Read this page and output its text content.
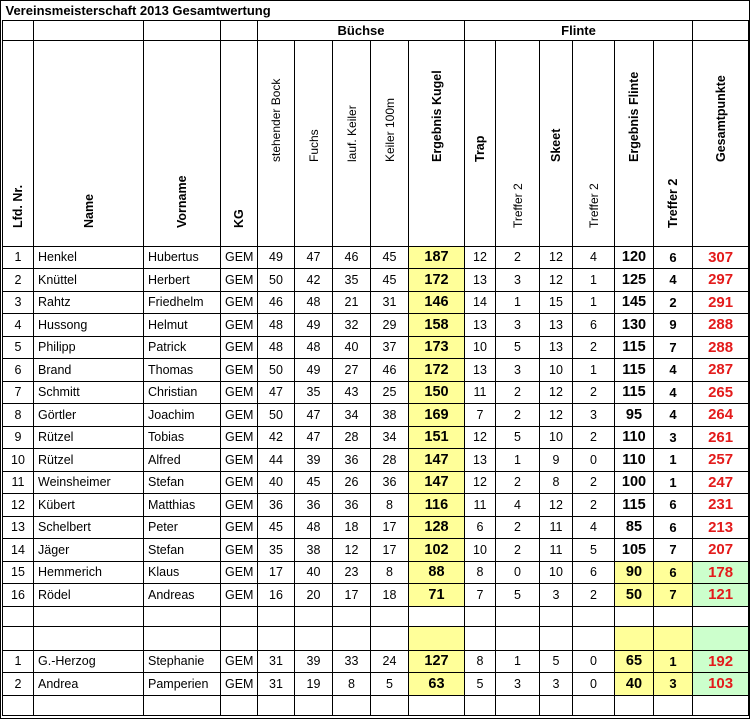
Vereinsmeisterschaft 2013 Gesamtwertung															
				Büchse					Flinte						

Lfd. Nr.	Name	Vorname	KG	stehender Bock	Fuchs	lauf. Keiler	Keiler 100m	Ergebnis Kugel	Trap	Treffer 2	Skeet	Treffer 2	Ergebnis Flinte	Treffer 2	Gesamtpunkte

1	Henkel	Hubertus	GEM	49	47	46	45	187	12	2	12	4	120	6	307
2	Knüttel	Herbert	GEM	50	42	35	45	172	13	3	12	1	125	4	297
3	Rahtz	Friedhelm	GEM	46	48	21	31	146	14	1	15	1	145	2	291
4	Hussong	Helmut	GEM	48	49	32	29	158	13	3	13	6	130	9	288
5	Philipp	Patrick	GEM	48	48	40	37	173	10	5	13	2	115	7	288
6	Brand	Thomas	GEM	50	49	27	46	172	13	3	10	1	115	4	287
7	Schmitt	Christian	GEM	47	35	43	25	150	11	2	12	2	115	4	265
8	Görtler	Joachim	GEM	50	47	34	38	169	7	2	12	3	95	4	264
9	Rützel	Tobias	GEM	42	47	28	34	151	12	5	10	2	110	3	261
10	Rützel	Alfred	GEM	44	39	36	28	147	13	1	9	0	110	1	257
11	Weinsheimer	Stefan	GEM	40	45	26	36	147	12	2	8	2	100	1	247
12	Kübert	Matthias	GEM	36	36	36	8	116	11	4	12	2	115	6	231
13	Schelbert	Peter	GEM	45	48	18	17	128	6	2	11	4	85	6	213
14	Jäger	Stefan	GEM	35	38	12	17	102	10	2	11	5	105	7	207
15	Hemmerich	Klaus	GEM	17	40	23	8	88	8	0	10	6	90	6	178
16	Rödel	Andreas	GEM	16	20	17	18	71	7	5	3	2	50	7	121

1	G.-Herzog	Stephanie	GEM	31	39	33	24	127	8	1	5	0	65	1	192
2	Andrea	Pamperien	GEM	31	19	8	5	63	5	3	3	0	40	3	103
